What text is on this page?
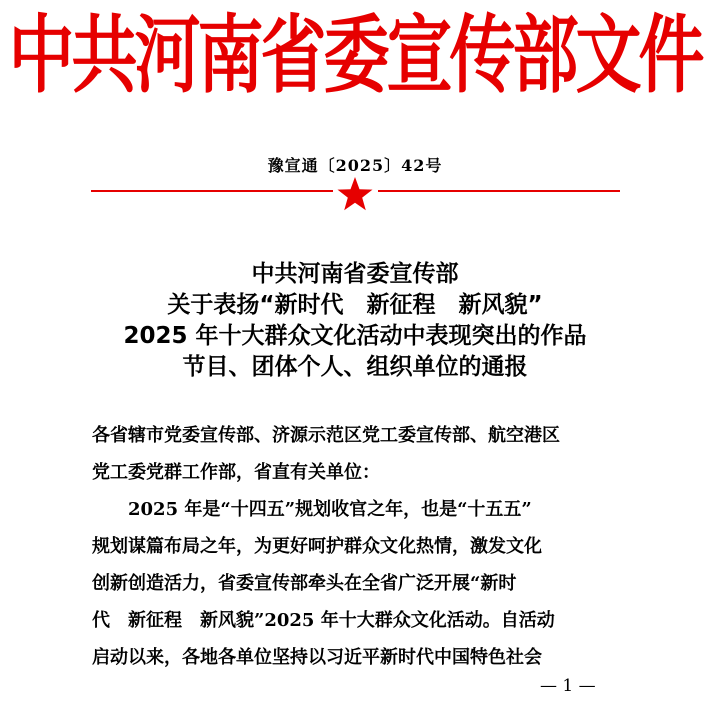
中共河南省委宣传部文件
豫宣通〔2025〕42号
中共河南省委宣传部
关于表扬“新时代　新征程　新风貌”
2025 年十大群众文化活动中表现突出的作品
节目、团体个人、组织单位的通报

各省辖市党委宣传部、济源示范区党工委宣传部、航空港区

党工委党群工作部，省直有关单位：

　　2025 年是“十四五”规划收官之年，也是“十五五”

规划谋篇布局之年，为更好呵护群众文化热情，激发文化

创新创造活力，省委宣传部牵头在全省广泛开展“新时

代　新征程　新风貌”2025 年十大群众文化活动。自活动

启动以来，各地各单位坚持以习近平新时代中国特色社会

— 1 —
